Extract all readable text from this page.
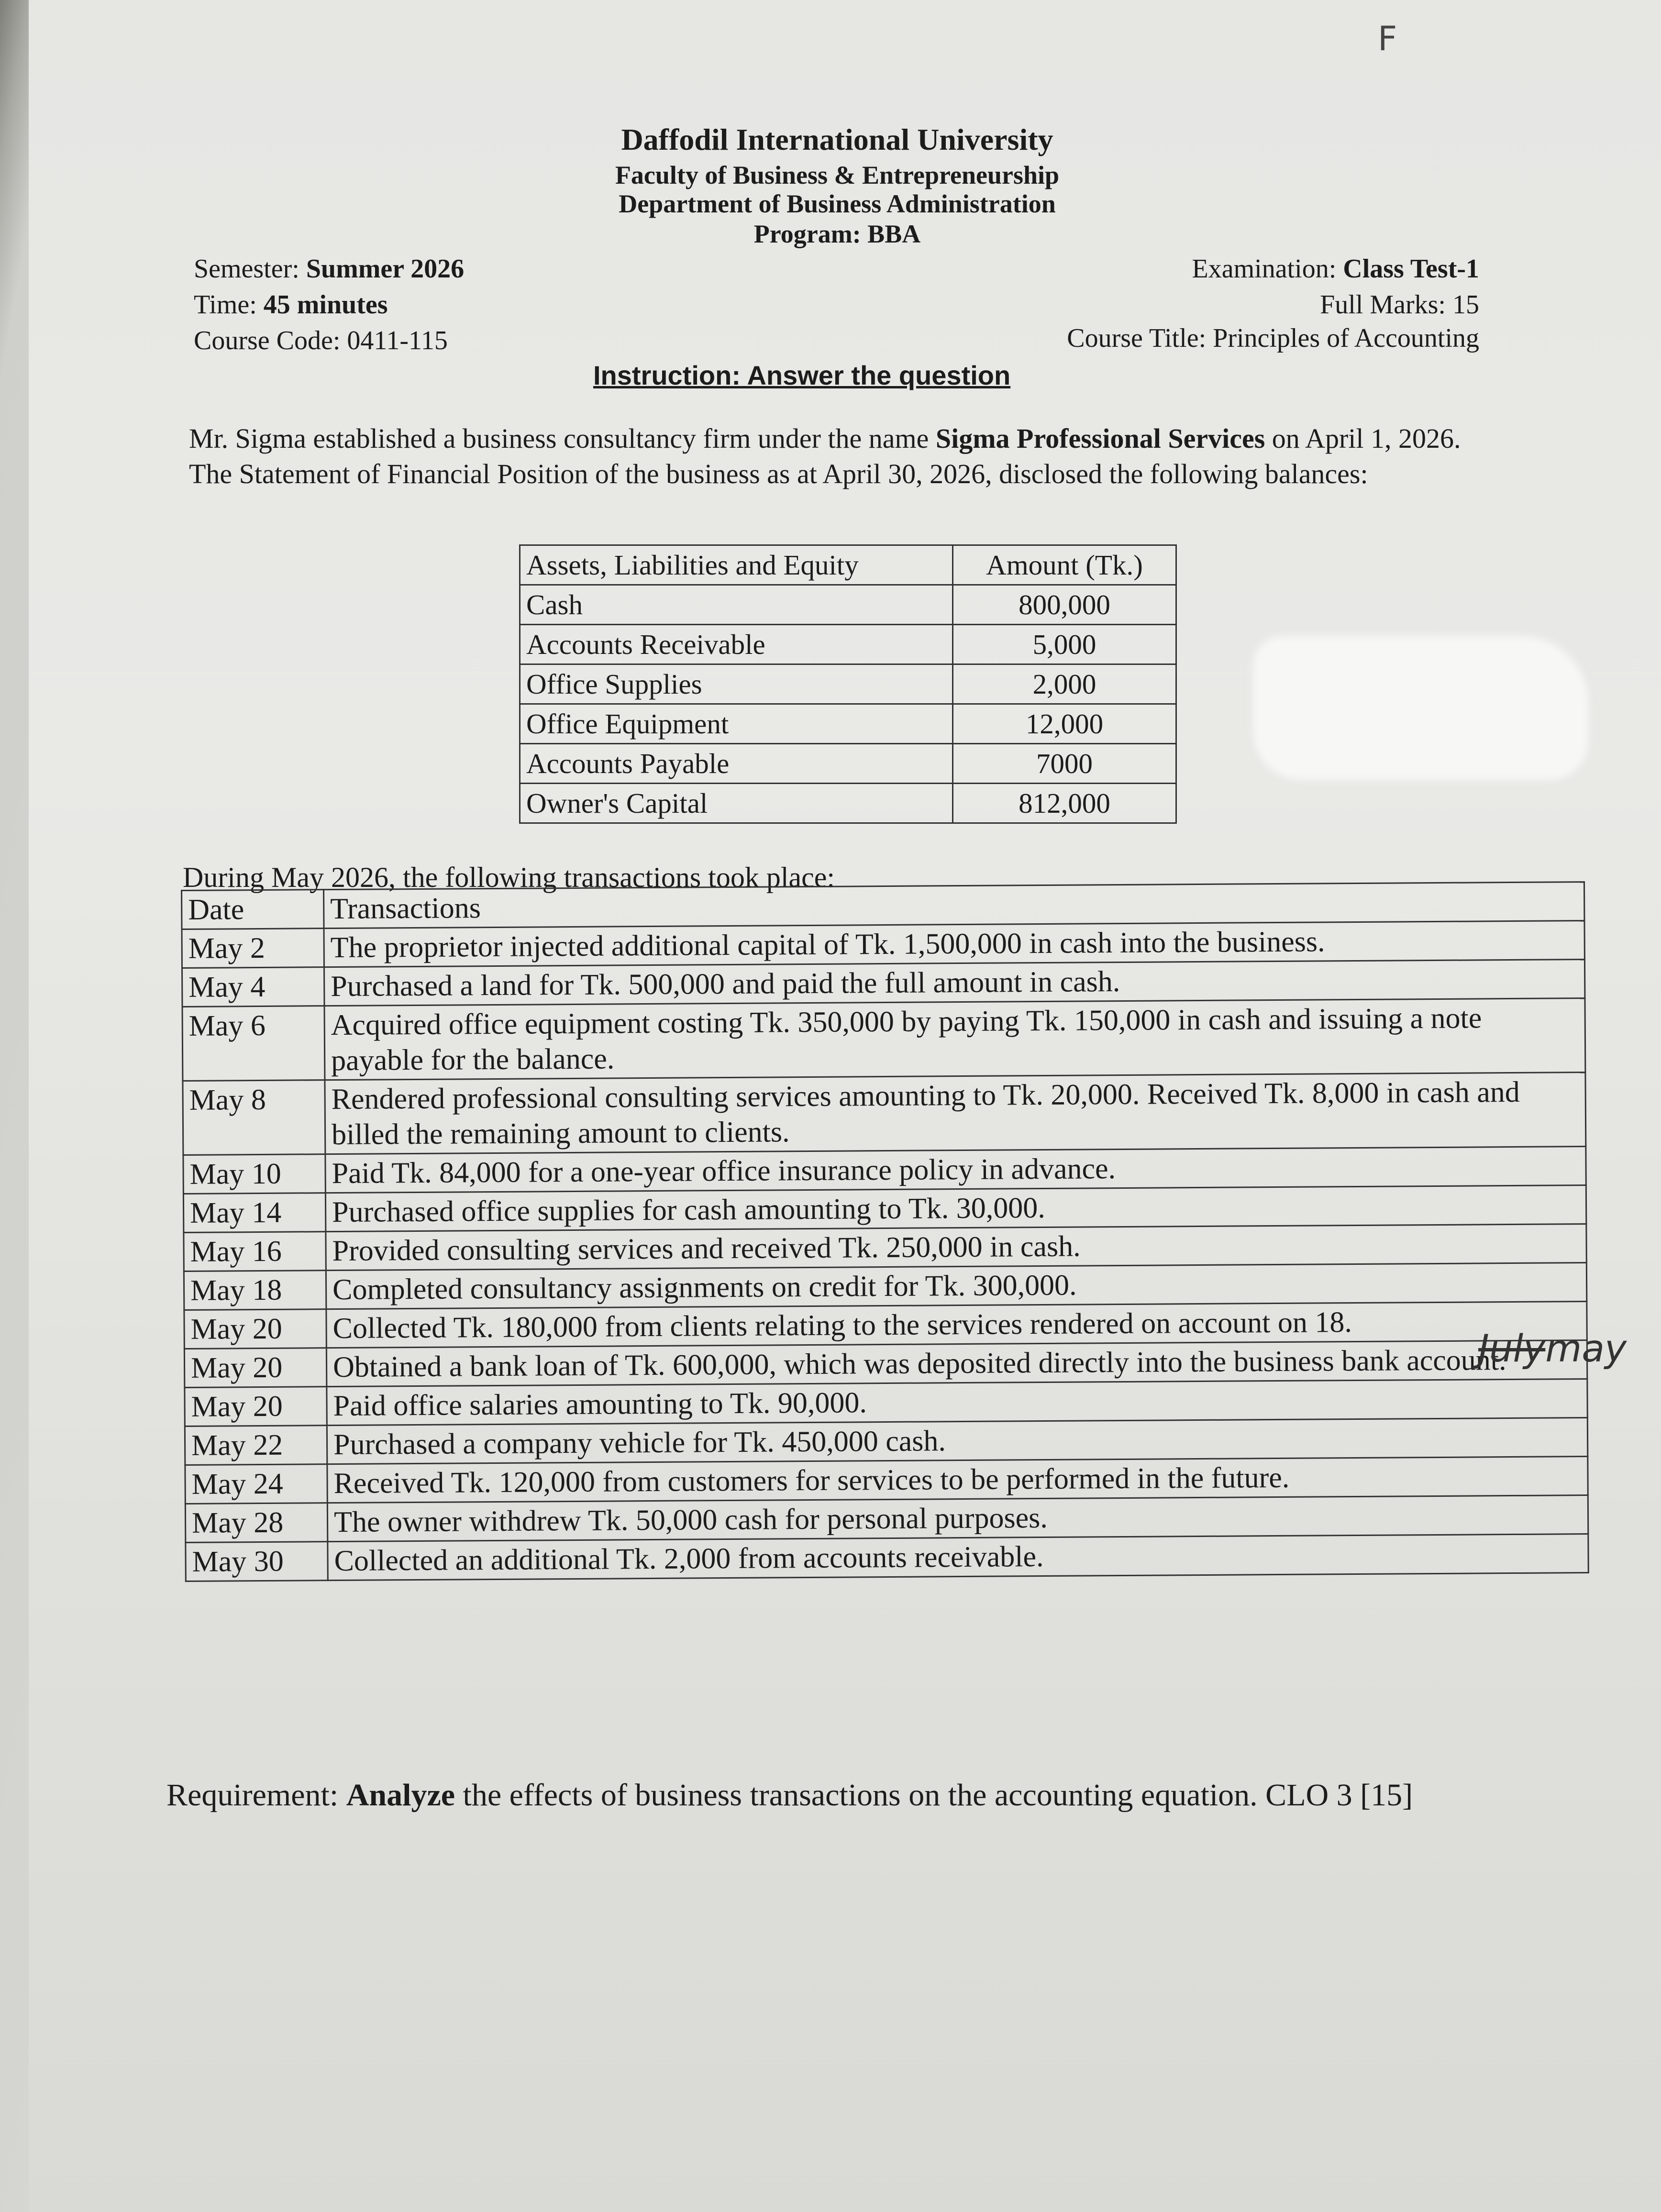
F
Daffodil International University
Faculty of Business & Entrepreneurship
Department of Business Administration
Program: BBA
Semester: Summer 2026
Time: 45 minutes
Course Code: 0411-115
Examination: Class Test-1
Full Marks: 15
Course Title: Principles of Accounting
Instruction: Answer the question
Mr. Sigma established a business consultancy firm under the name Sigma Professional Services on April 1, 2026. The Statement of Financial Position of the business as at April 30, 2026, disclosed the following balances:
Assets, Liabilities and Equity	Amount (Tk.)
Cash	800,000
Accounts Receivable	5,000
Office Supplies	2,000
Office Equipment	12,000
Accounts Payable	7000
Owner's Capital	812,000
During May 2026, the following transactions took place:
Date	Transactions
May 2	The proprietor injected additional capital of Tk. 1,500,000 in cash into the business.
May 4	Purchased a land for Tk. 500,000 and paid the full amount in cash.
May 6	Acquired office equipment costing Tk. 350,000 by paying Tk. 150,000 in cash and issuing a note payable for the balance.
May 8	Rendered professional consulting services amounting to Tk. 20,000. Received Tk. 8,000 in cash and billed the remaining amount to clients.
May 10	Paid Tk. 84,000 for a one-year office insurance policy in advance.
May 14	Purchased office supplies for cash amounting to Tk. 30,000.
May 16	Provided consulting services and received Tk. 250,000 in cash.
May 18	Completed consultancy assignments on credit for Tk. 300,000.
May 20	Collected Tk. 180,000 from clients relating to the services rendered on account on 18.
May 20	Obtained a bank loan of Tk. 600,000, which was deposited directly into the business bank account.
May 20	Paid office salaries amounting to Tk. 90,000.
May 22	Purchased a company vehicle for Tk. 450,000 cash.
May 24	Received Tk. 120,000 from customers for services to be performed in the future.
May 28	The owner withdrew Tk. 50,000 cash for personal purposes.
May 30	Collected an additional Tk. 2,000 from accounts receivable.
Julymay
Requirement: Analyze the effects of business transactions on the accounting equation. CLO 3 [15]
